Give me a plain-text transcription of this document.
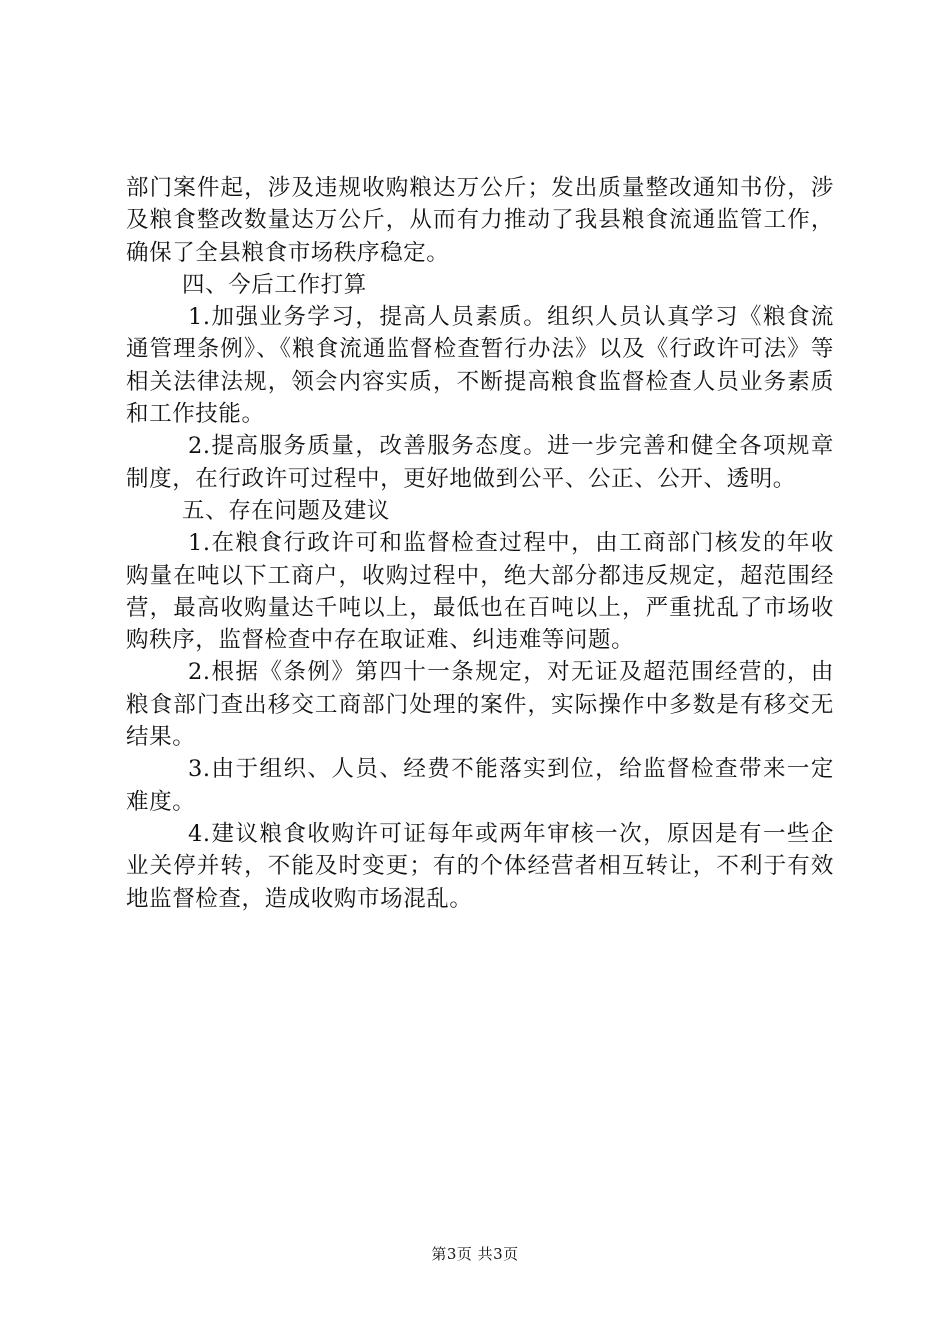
部门案件起，涉及违规收购粮达万公斤；发出质量整改通知书份，涉及粮食整改数量达万公斤，从而有力推动了我县粮食流通监管工作，确保了全县粮食市场秩序稳定。

四、今后工作打算

1.加强业务学习，提高人员素质。组织人员认真学习《粮食流通管理条例》、《粮食流通监督检查暂行办法》以及《行政许可法》等相关法律法规，领会内容实质，不断提高粮食监督检查人员业务素质和工作技能。

2.提高服务质量，改善服务态度。进一步完善和健全各项规章制度，在行政许可过程中，更好地做到公平、公正、公开、透明。

五、存在问题及建议

1.在粮食行政许可和监督检查过程中，由工商部门核发的年收购量在吨以下工商户，收购过程中，绝大部分都违反规定，超范围经营，最高收购量达千吨以上，最低也在百吨以上，严重扰乱了市场收购秩序，监督检查中存在取证难、纠违难等问题。

2.根据《条例》第四十一条规定，对无证及超范围经营的，由粮食部门查出移交工商部门处理的案件，实际操作中多数是有移交无结果。

3.由于组织、人员、经费不能落实到位，给监督检查带来一定难度。

4.建议粮食收购许可证每年或两年审核一次，原因是有一些企业关停并转，不能及时变更；有的个体经营者相互转让，不利于有效地监督检查，造成收购市场混乱。

第3页 共3页
